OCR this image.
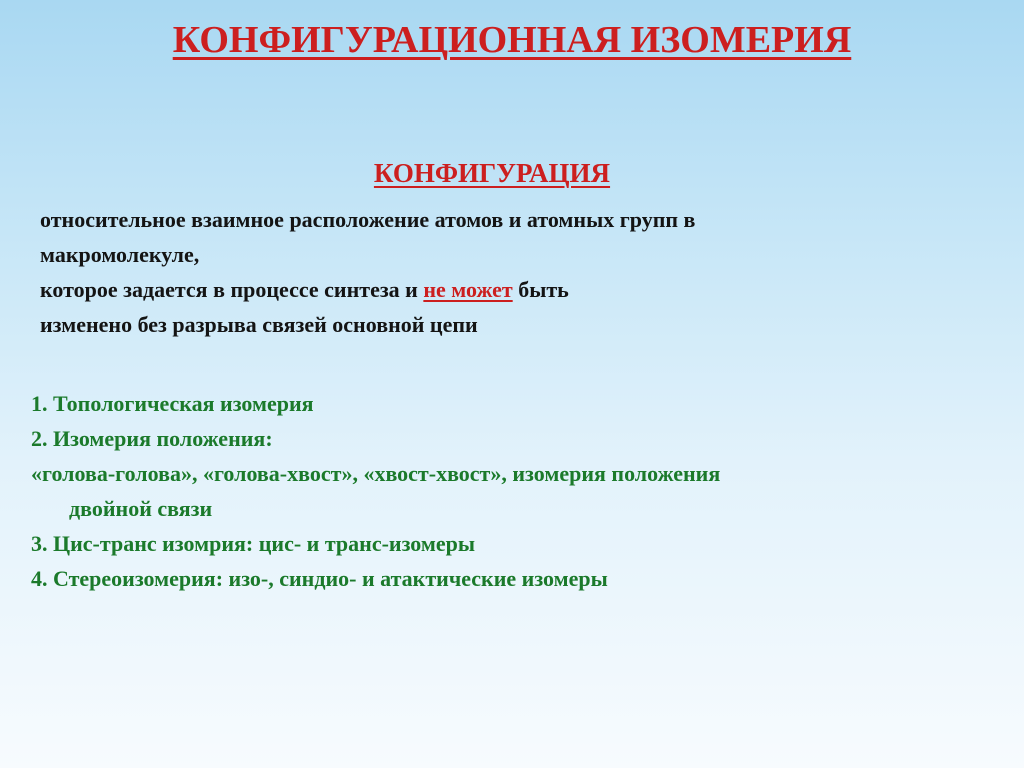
КОНФИГУРАЦИОННАЯ ИЗОМЕРИЯ
КОНФИГУРАЦИЯ
относительное взаимное расположение атомов и атомных групп в
макромолекуле,
которое задается в процессе синтеза и не может быть
изменено без разрыва связей основной цепи
1. Топологическая изомерия
2. Изомерия положения:
«голова-голова», «голова-хвост», «хвост-хвост», изомерия положения
двойной связи
3. Цис-транс изомрия: цис- и транс-изомеры
4. Стереоизомерия: изо-, синдио- и атактические изомеры
